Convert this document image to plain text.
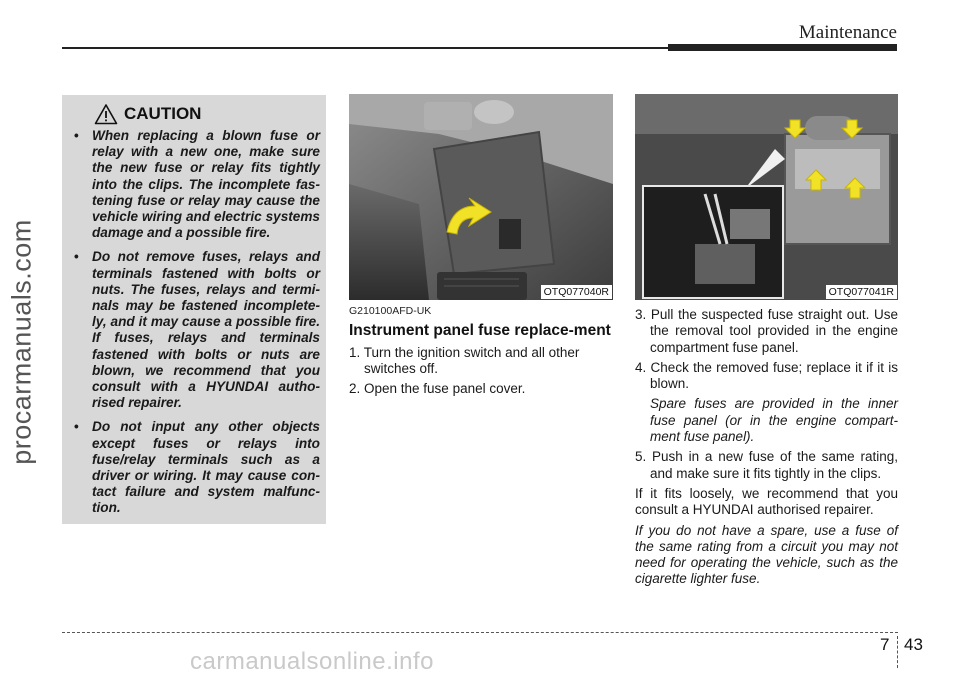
Maintenance
procarmanuals.com
CAUTION
• When replacing a blown fuse or relay with a new one, make sure the new fuse or relay fits tightly into the clips. The incomplete fas-tening fuse or relay may cause the vehicle wiring and electric systems damage and a possible fire.
• Do not remove fuses, relays and terminals fastened with bolts or nuts. The fuses, relays and termi-nals may be fastened incomplete-ly, and it may cause a possible fire. If fuses, relays and terminals fastened with bolts or nuts are blown, we recommend that you consult with a HYUNDAI autho-rised repairer.
• Do not input any other objects except fuses or relays into fuse/relay terminals such as a driver or wiring. It may cause con-tact failure and system malfunc-tion.
OTQ077040R	OTQ077041R
G210100AFD-UK
Instrument panel fuse replace-ment
1. Turn the ignition switch and all other switches off.
2. Open the fuse panel cover.

3. Pull the suspected fuse straight out. Use the removal tool provided in the engine compartment fuse panel.

4. Check the removed fuse; replace it if it is blown.

Spare fuses are provided in the inner fuse panel (or in the engine compart-ment fuse panel).

5. Push in a new fuse of the same rating, and make sure it fits tightly in the clips.

If it fits loosely, we recommend that you consult a HYUNDAI authorised repairer.

If you do not have a spare, use a fuse of the same rating from a circuit you may not need for operating the vehicle, such as the cigarette lighter fuse.

7 43
carmanualsonline.info
